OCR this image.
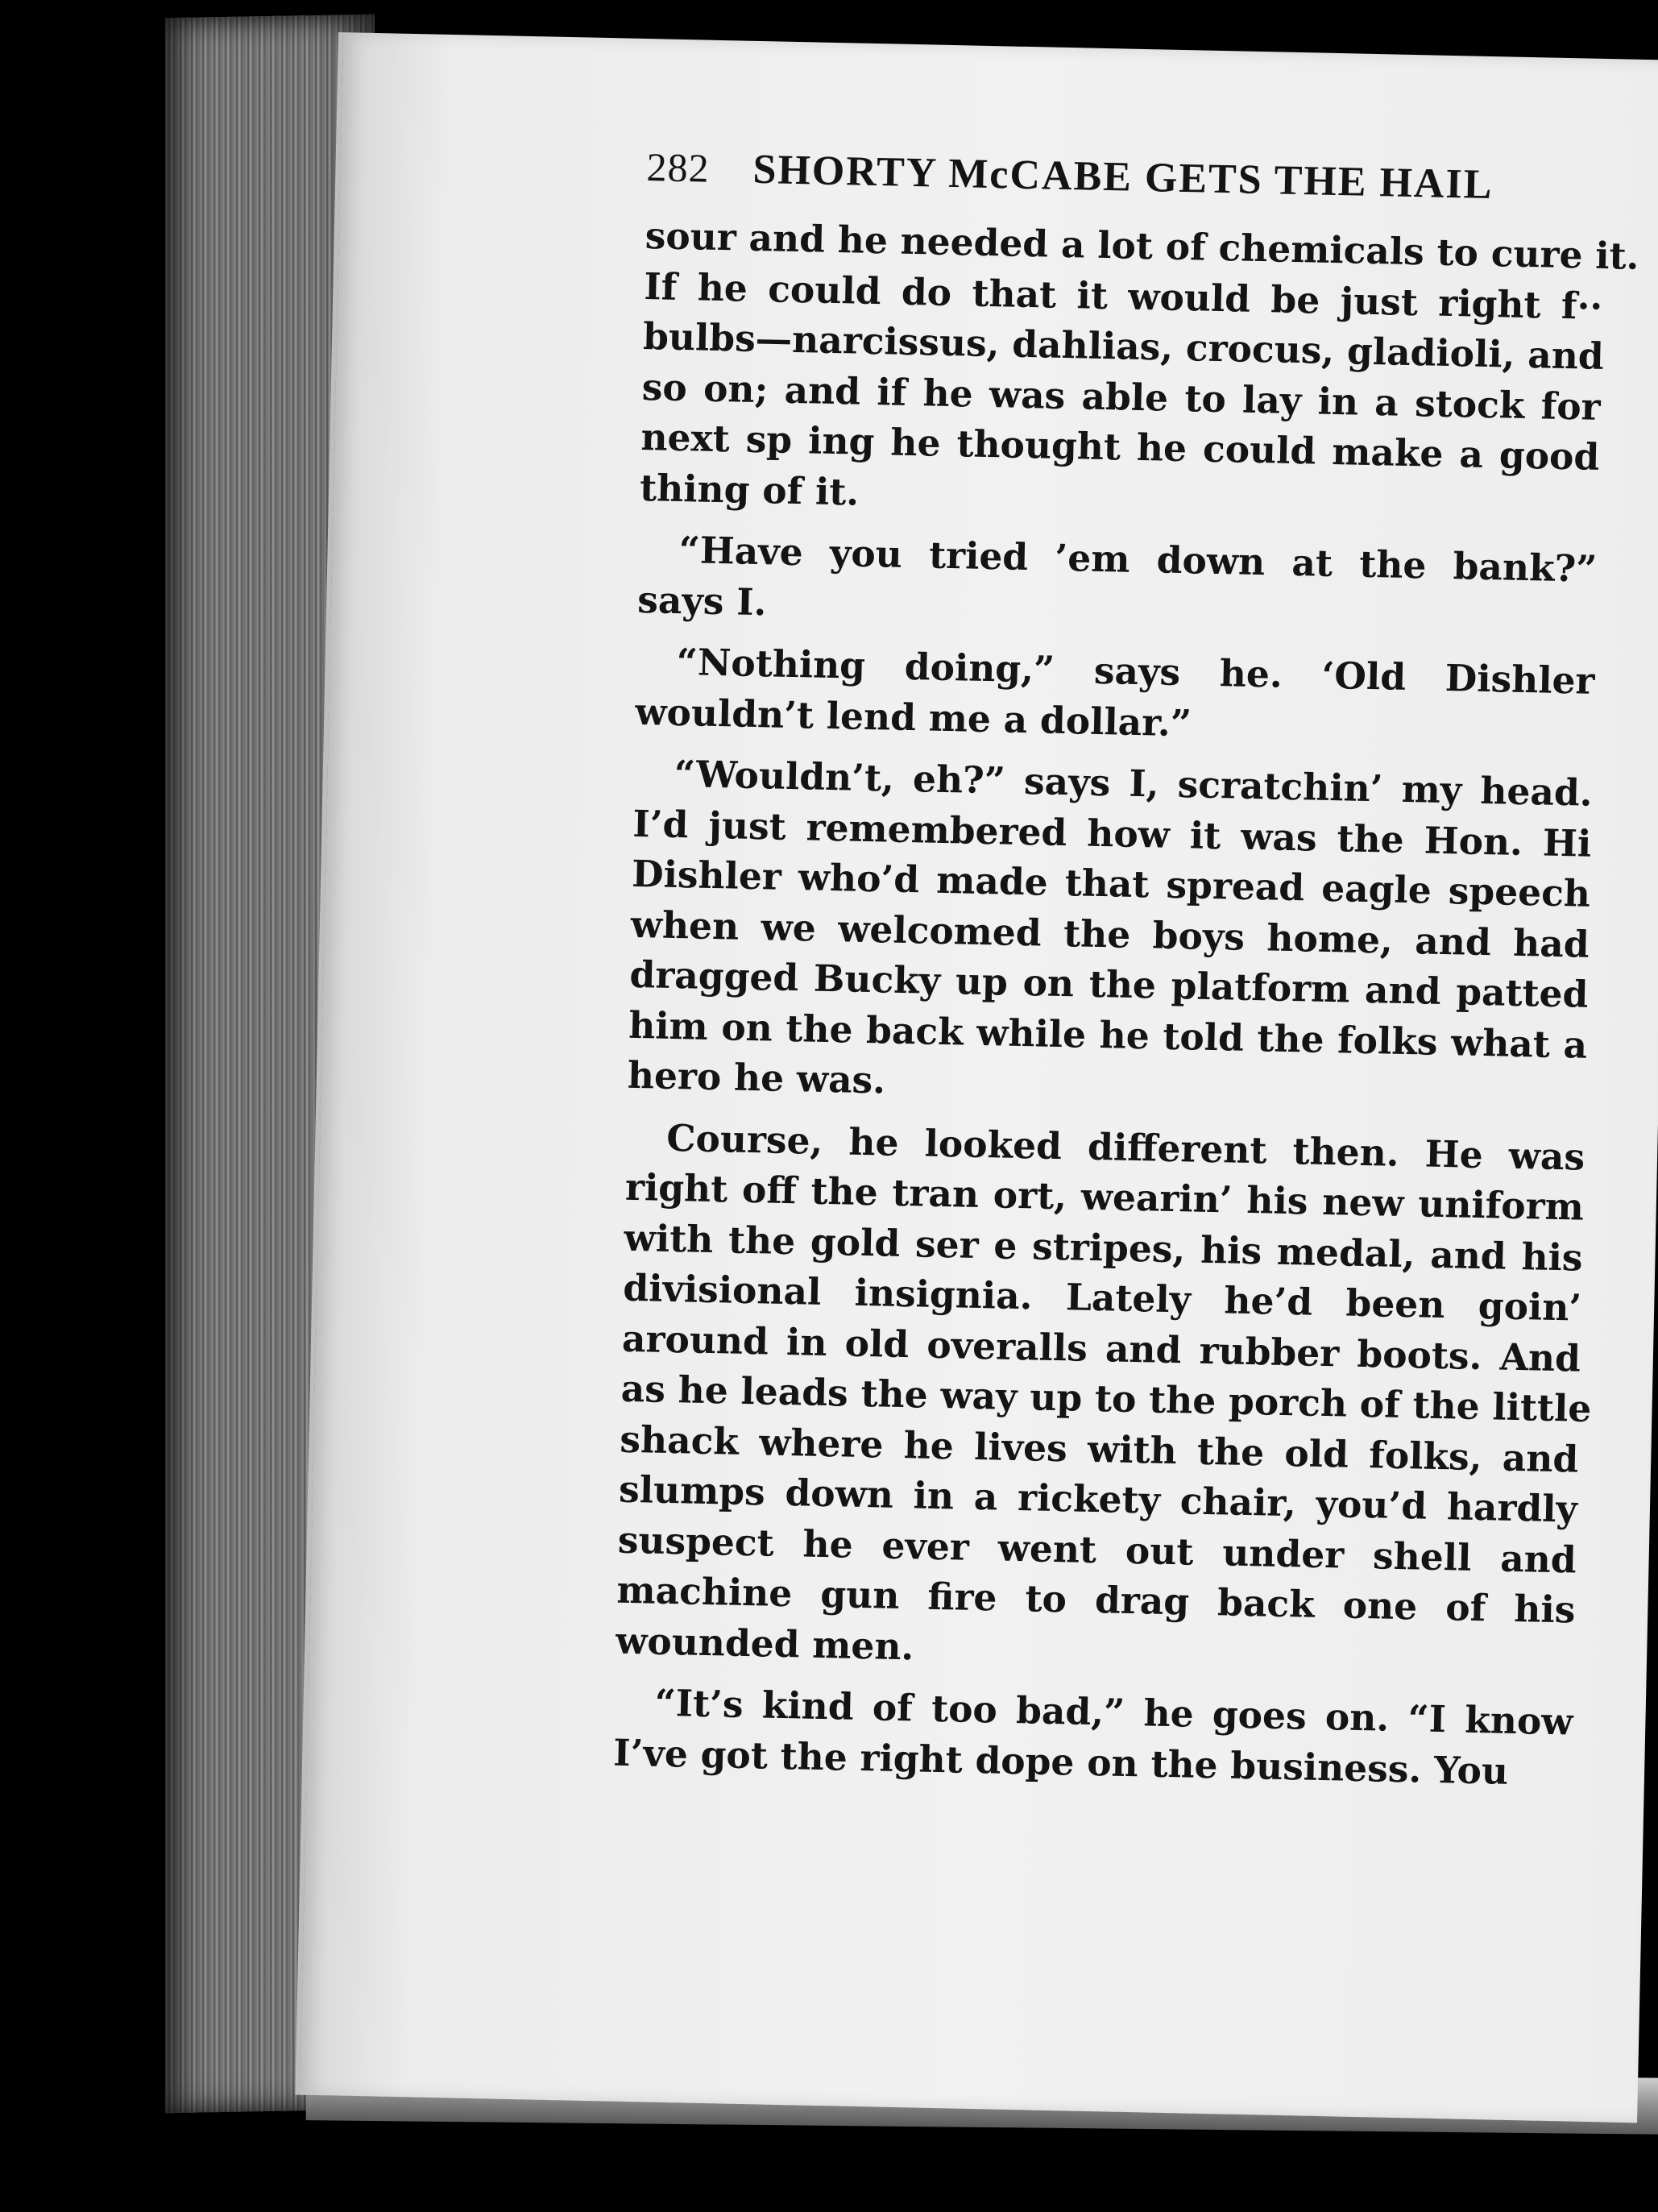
282 SHORTY McCABE GETS THE HAIL

sour and he needed a lot of chemicals to cure it.
If he could do that it would be just right f··
bulbs—narcissus, dahlias, crocus, gladioli, and
so on; and if he was able to lay in a stock for
next sp ing he thought he could make a good
thing of it.

“Have you tried ’em down at the bank?”
says I.

“Nothing doing,” says he. ‘Old Dishler
wouldn’t lend me a dollar.”

“Wouldn’t, eh?” says I, scratchin’ my head.
I’d just remembered how it was the Hon. Hi
Dishler who’d made that spread eagle speech
when we welcomed the boys home, and had
dragged Bucky up on the platform and patted
him on the back while he told the folks what a
hero he was.

Course, he looked different then. He was
right off the tran ort, wearin’ his new uniform
with the gold ser e stripes, his medal, and his
divisional insignia. Lately he’d been goin’
around in old overalls and rubber boots. And
as he leads the way up to the porch of the little
shack where he lives with the old folks, and
slumps down in a rickety chair, you’d hardly
suspect he ever went out under shell and
machine gun fire to drag back one of his
wounded men.

“It’s kind of too bad,” he goes on. “I know
I’ve got the right dope on the business. You
